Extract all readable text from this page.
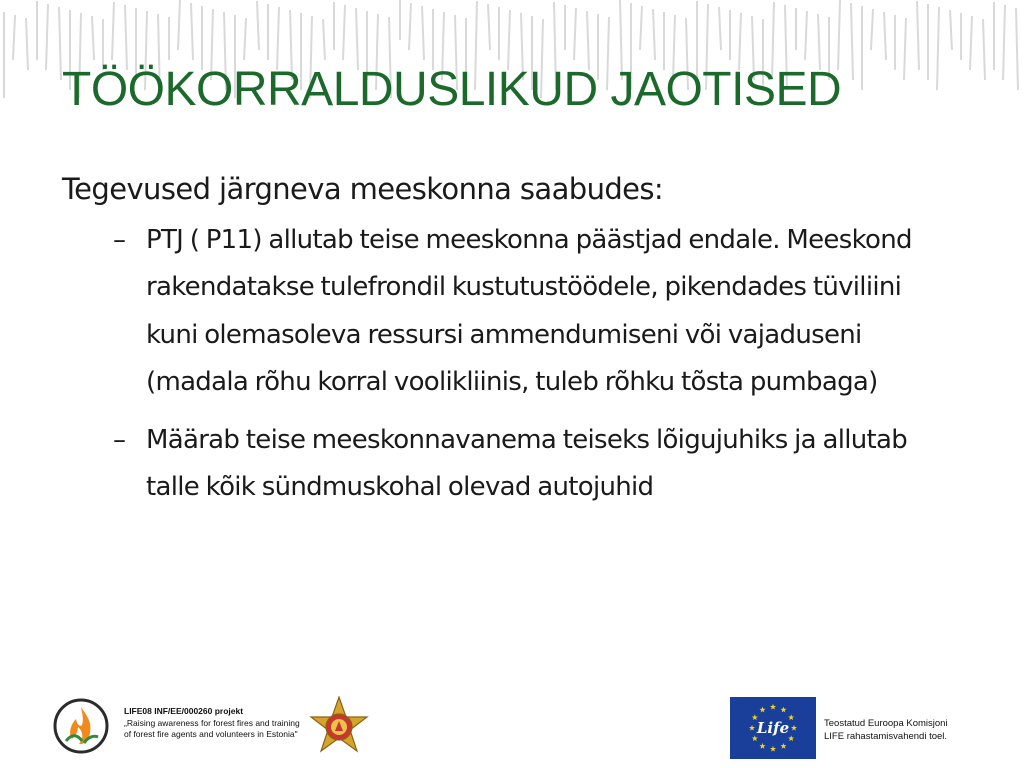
TÖÖKORRALDUSLIKUD JAOTISED

Tegevused järgneva meeskonna saabudes:

– PTJ ( P11) allutab teise meeskonna päästjad endale. Meeskond rakendatakse tulefrondil kustutustöödele, pikendades tüviliini kuni olemasoleva ressursi ammendumiseni või vajaduseni (madala rõhu korral voolikliinis, tuleb rõhku tõsta pumbaga)
– Määrab teise meeskonnavanema teiseks lõigujuhiks ja allutab talle kõik sündmuskohal olevad autojuhid
LIFE08 INF/EE/000260 projekt
„Raising awareness for forest fires and training of forest fire agents and volunteers in Estonia"	Life	Teostatud Euroopa Komisjoni
LIFE rahastamisvahendi toel.
